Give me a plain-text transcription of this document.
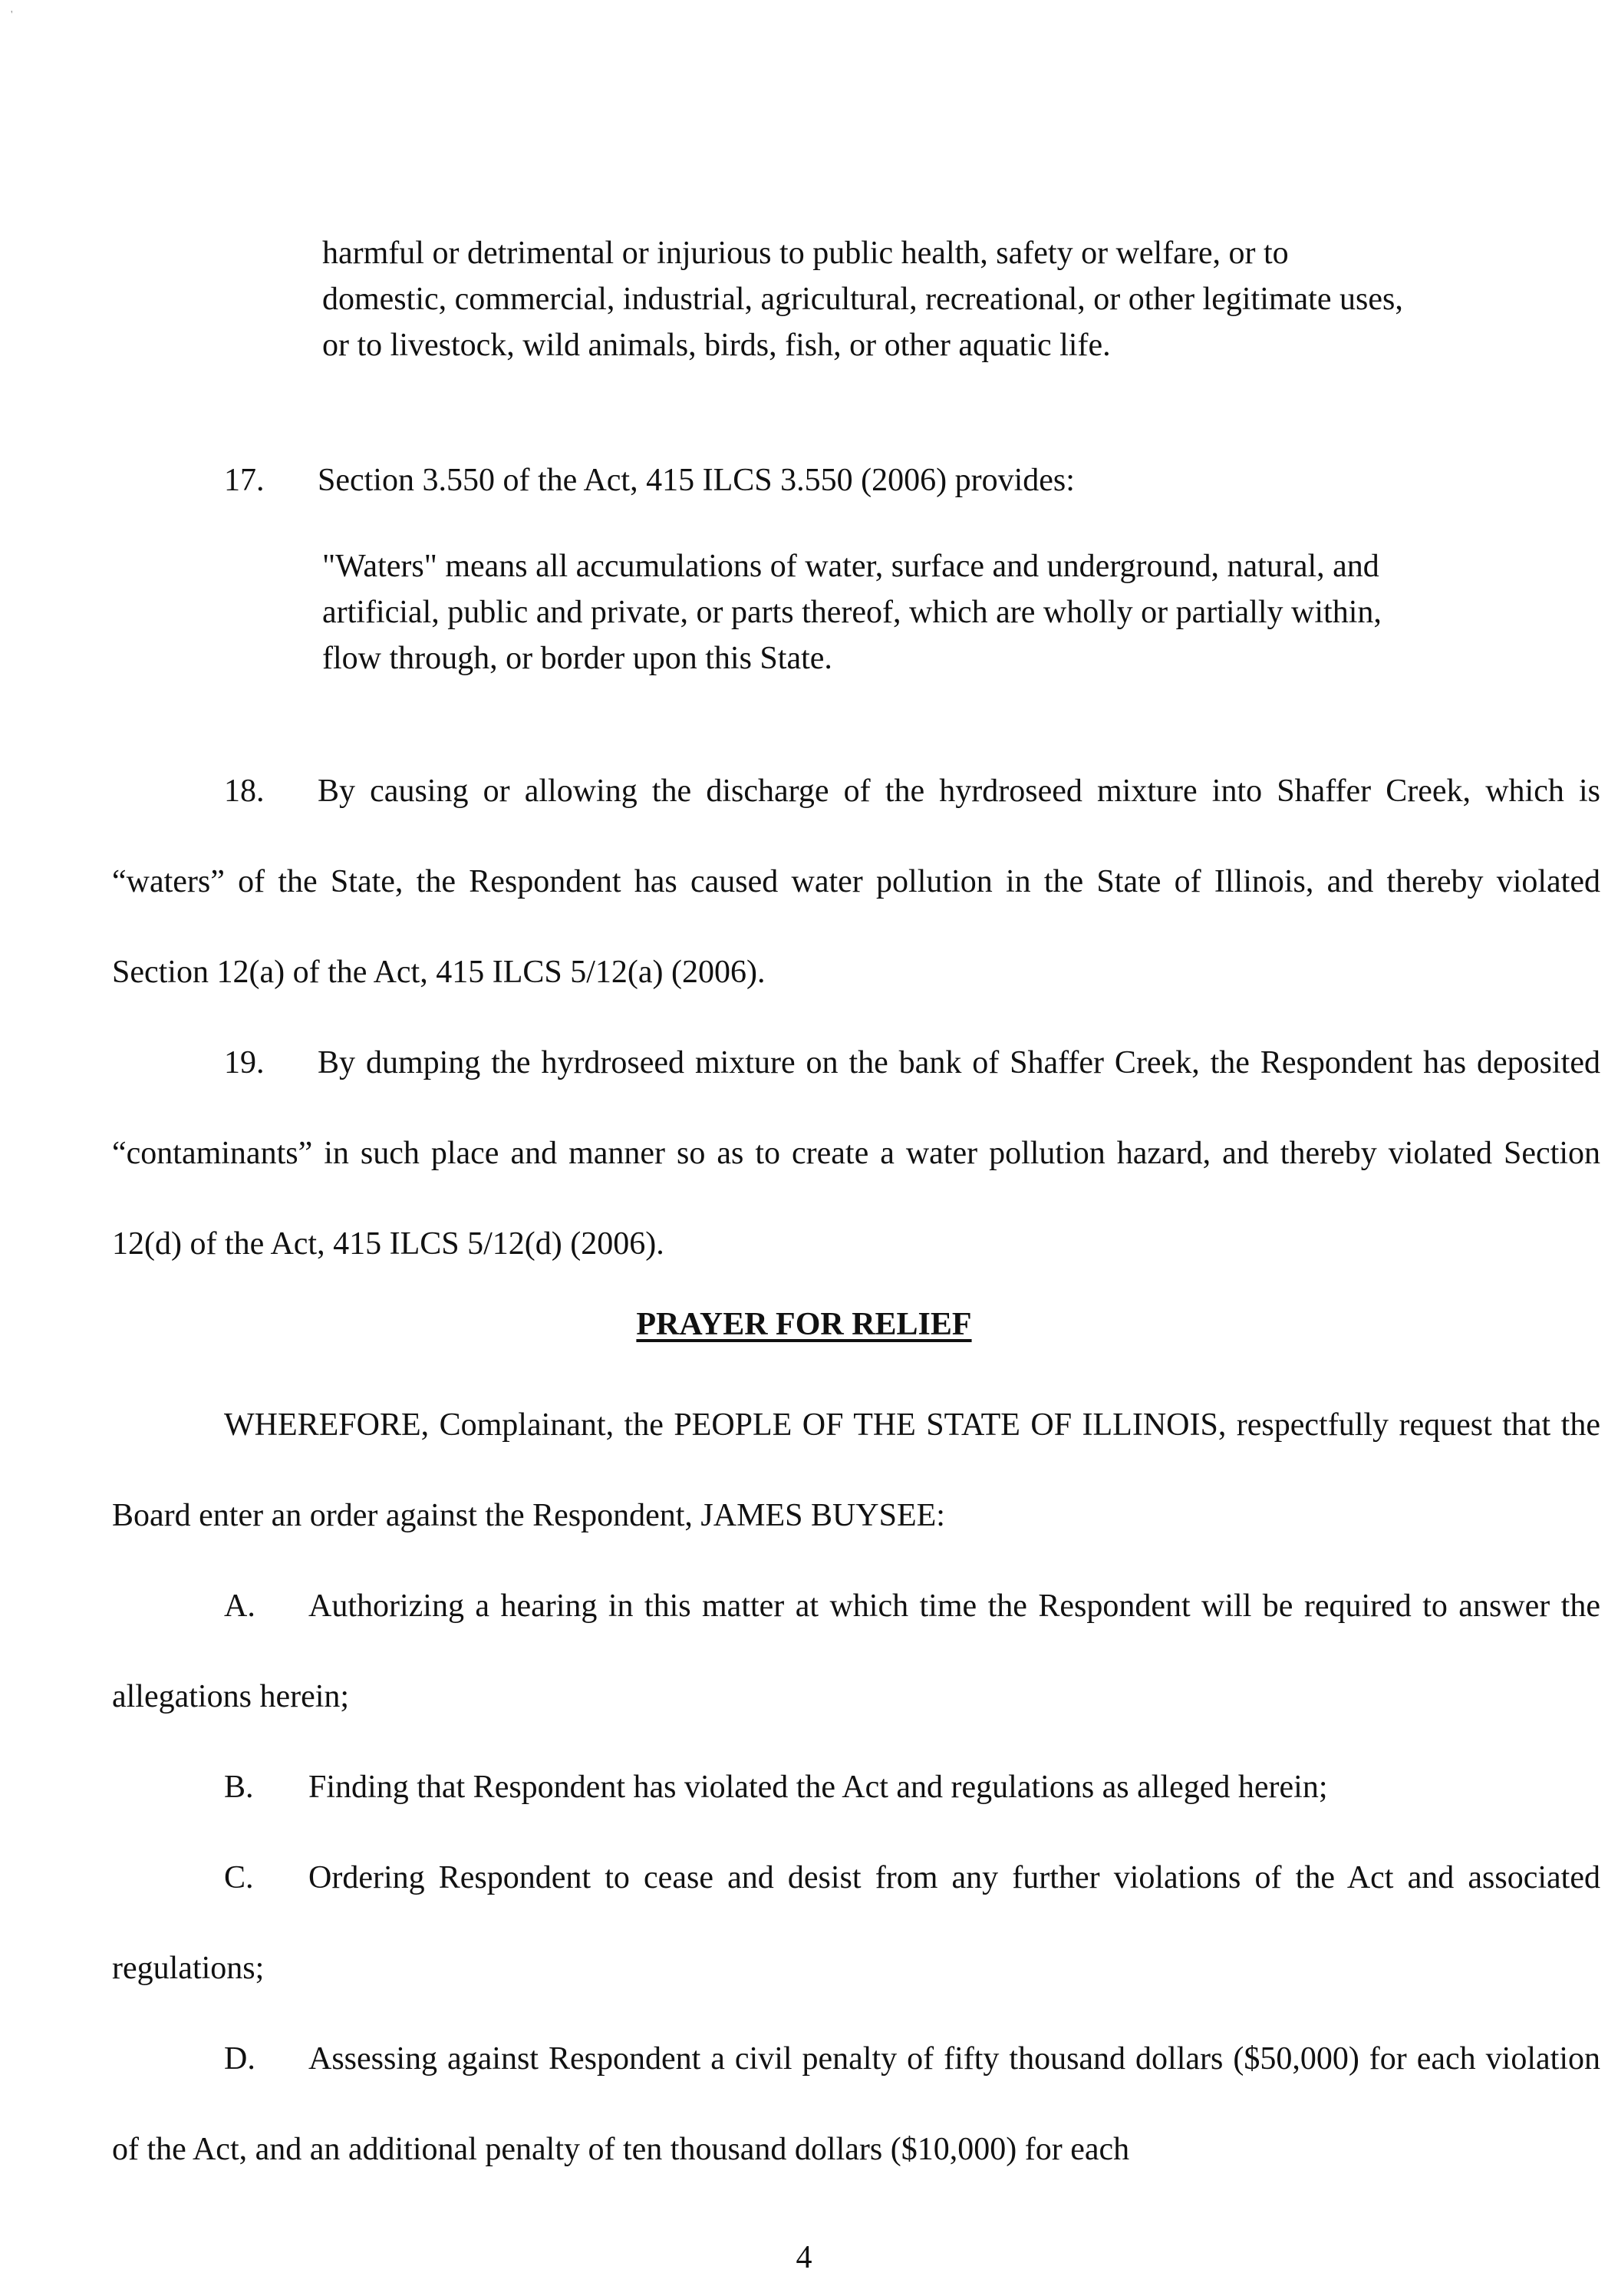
'

harmful or detrimental or injurious to public health, safety or welfare, or to domestic, commercial, industrial, agricultural, recreational, or other legitimate uses, or to livestock, wild animals, birds, fish, or other aquatic life.

17. Section 3.550 of the Act, 415 ILCS 3.550 (2006) provides:

"Waters" means all accumulations of water, surface and underground, natural, and artificial, public and private, or parts thereof, which are wholly or partially within, flow through, or border upon this State.

18. By causing or allowing the discharge of the hyrdroseed mixture into Shaffer Creek, which is “waters” of the State, the Respondent has caused water pollution in the State of Illinois, and thereby violated Section 12(a) of the Act, 415 ILCS 5/12(a) (2006).

19. By dumping the hyrdroseed mixture on the bank of Shaffer Creek, the Respondent has deposited “contaminants” in such place and manner so as to create a water pollution hazard, and thereby violated Section 12(d) of the Act, 415 ILCS 5/12(d) (2006).

PRAYER FOR RELIEF

WHEREFORE, Complainant, the PEOPLE OF THE STATE OF ILLINOIS, respectfully request that the Board enter an order against the Respondent, JAMES BUYSEE:

A. Authorizing a hearing in this matter at which time the Respondent will be required to answer the allegations herein;

B. Finding that Respondent has violated the Act and regulations as alleged herein;

C. Ordering Respondent to cease and desist from any further violations of the Act and associated regulations;

D. Assessing against Respondent a civil penalty of fifty thousand dollars ($50,000) for each violation of the Act, and an additional penalty of ten thousand dollars ($10,000) for each

4
